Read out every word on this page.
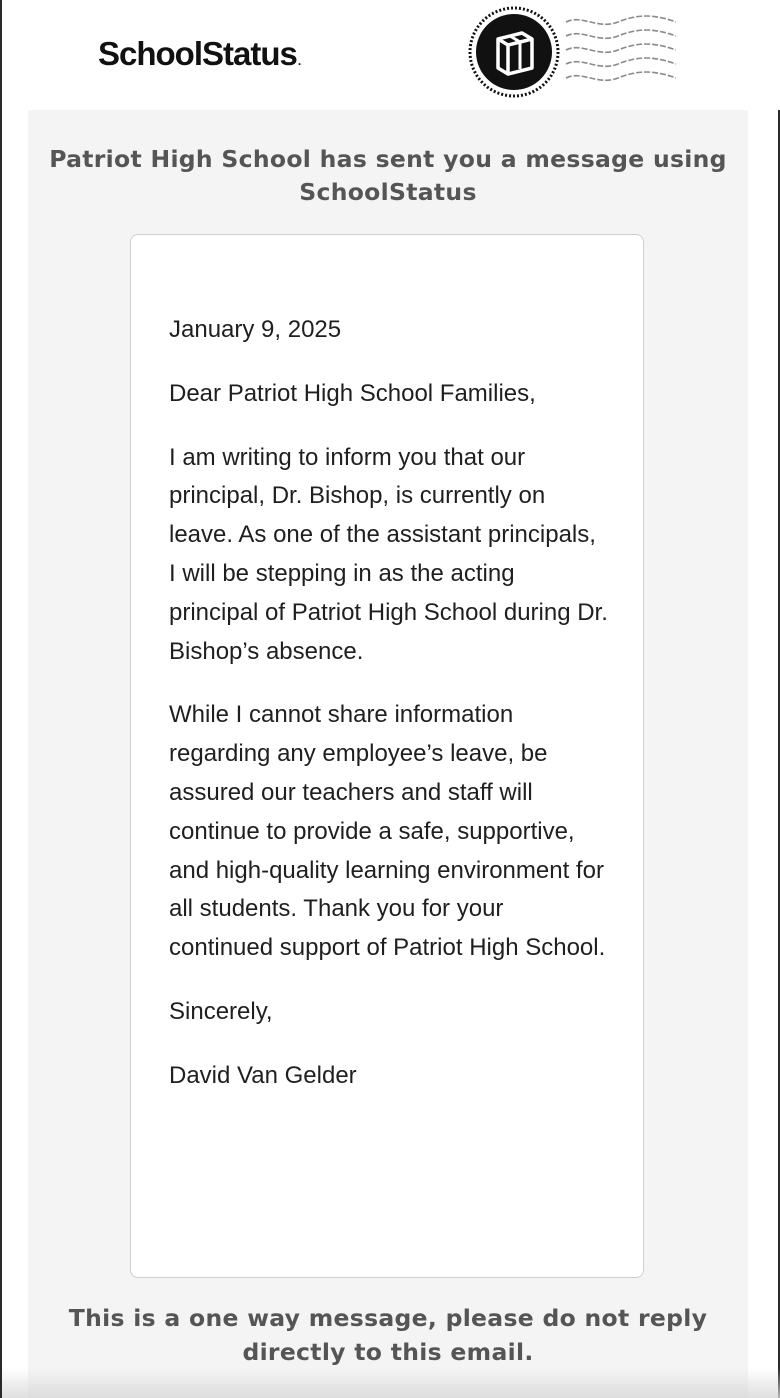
SchoolStatus.
Patriot High School has sent you a message using SchoolStatus

January 9, 2025

Dear Patriot High School Families,

I am writing to inform you that our principal, Dr. Bishop, is currently on leave. As one of the assistant principals, I will be stepping in as the acting principal of Patriot High School during Dr. Bishop’s absence.

While I cannot share information regarding any employee’s leave, be assured our teachers and staff will continue to provide a safe, supportive, and high-quality learning environment for all students. Thank you for your continued support of Patriot High School.

Sincerely,

David Van Gelder

This is a one way message, please do not reply directly to this email.
